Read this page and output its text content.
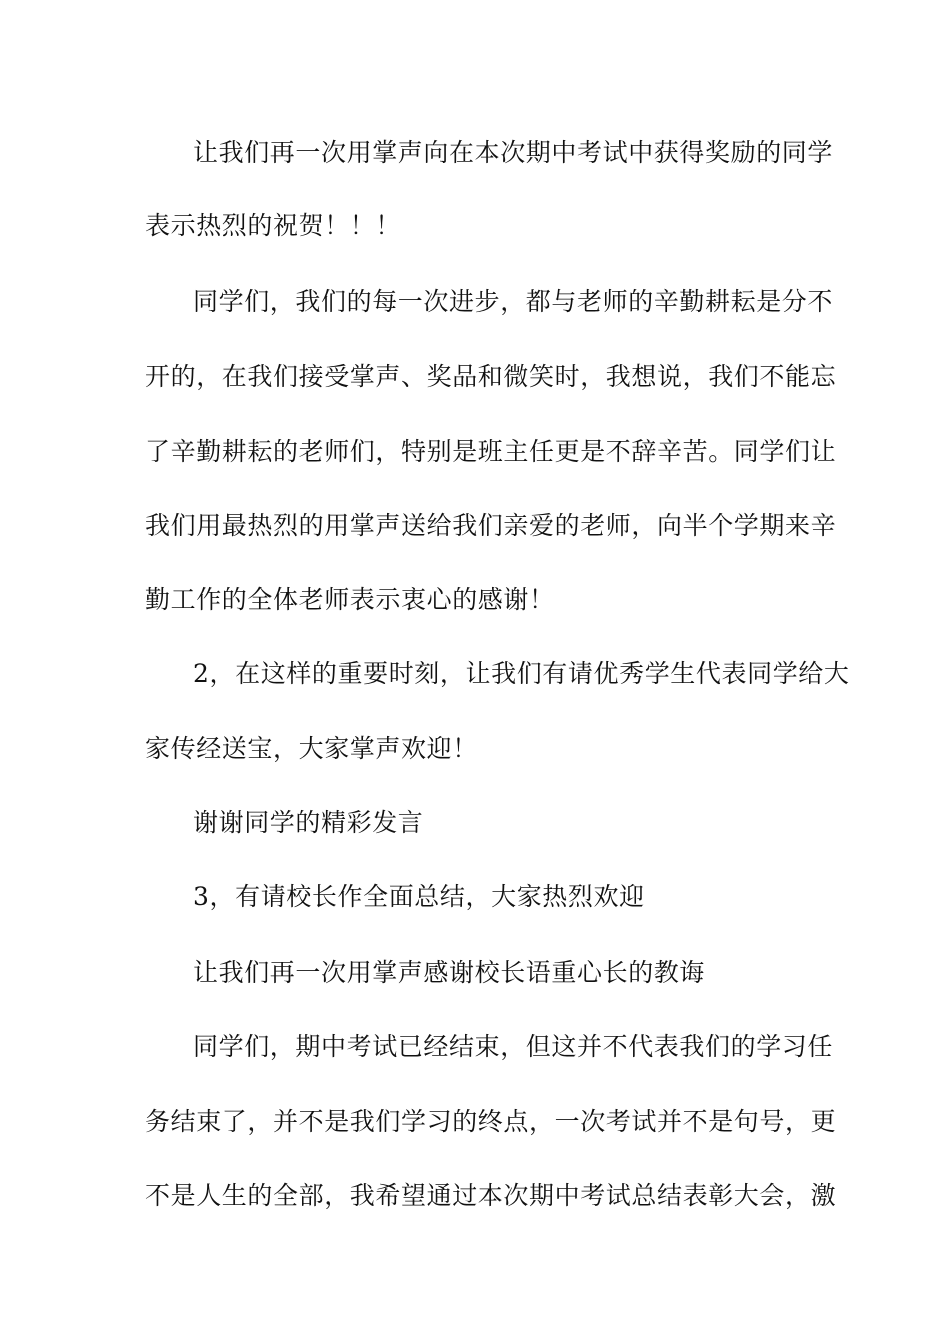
让我们再一次用掌声向在本次期中考试中获得奖励的同学
表示热烈的祝贺！！！
同学们，我们的每一次进步，都与老师的辛勤耕耘是分不
开的，在我们接受掌声、奖品和微笑时，我想说，我们不能忘
了辛勤耕耘的老师们，特别是班主任更是不辞辛苦。同学们让
我们用最热烈的用掌声送给我们亲爱的老师，向半个学期来辛
勤工作的全体老师表示衷心的感谢！
2，在这样的重要时刻，让我们有请优秀学生代表同学给大
家传经送宝，大家掌声欢迎！
谢谢同学的精彩发言
3，有请校长作全面总结，大家热烈欢迎
让我们再一次用掌声感谢校长语重心长的教诲
同学们，期中考试已经结束，但这并不代表我们的学习任
务结束了，并不是我们学习的终点，一次考试并不是句号，更
不是人生的全部，我希望通过本次期中考试总结表彰大会，激
